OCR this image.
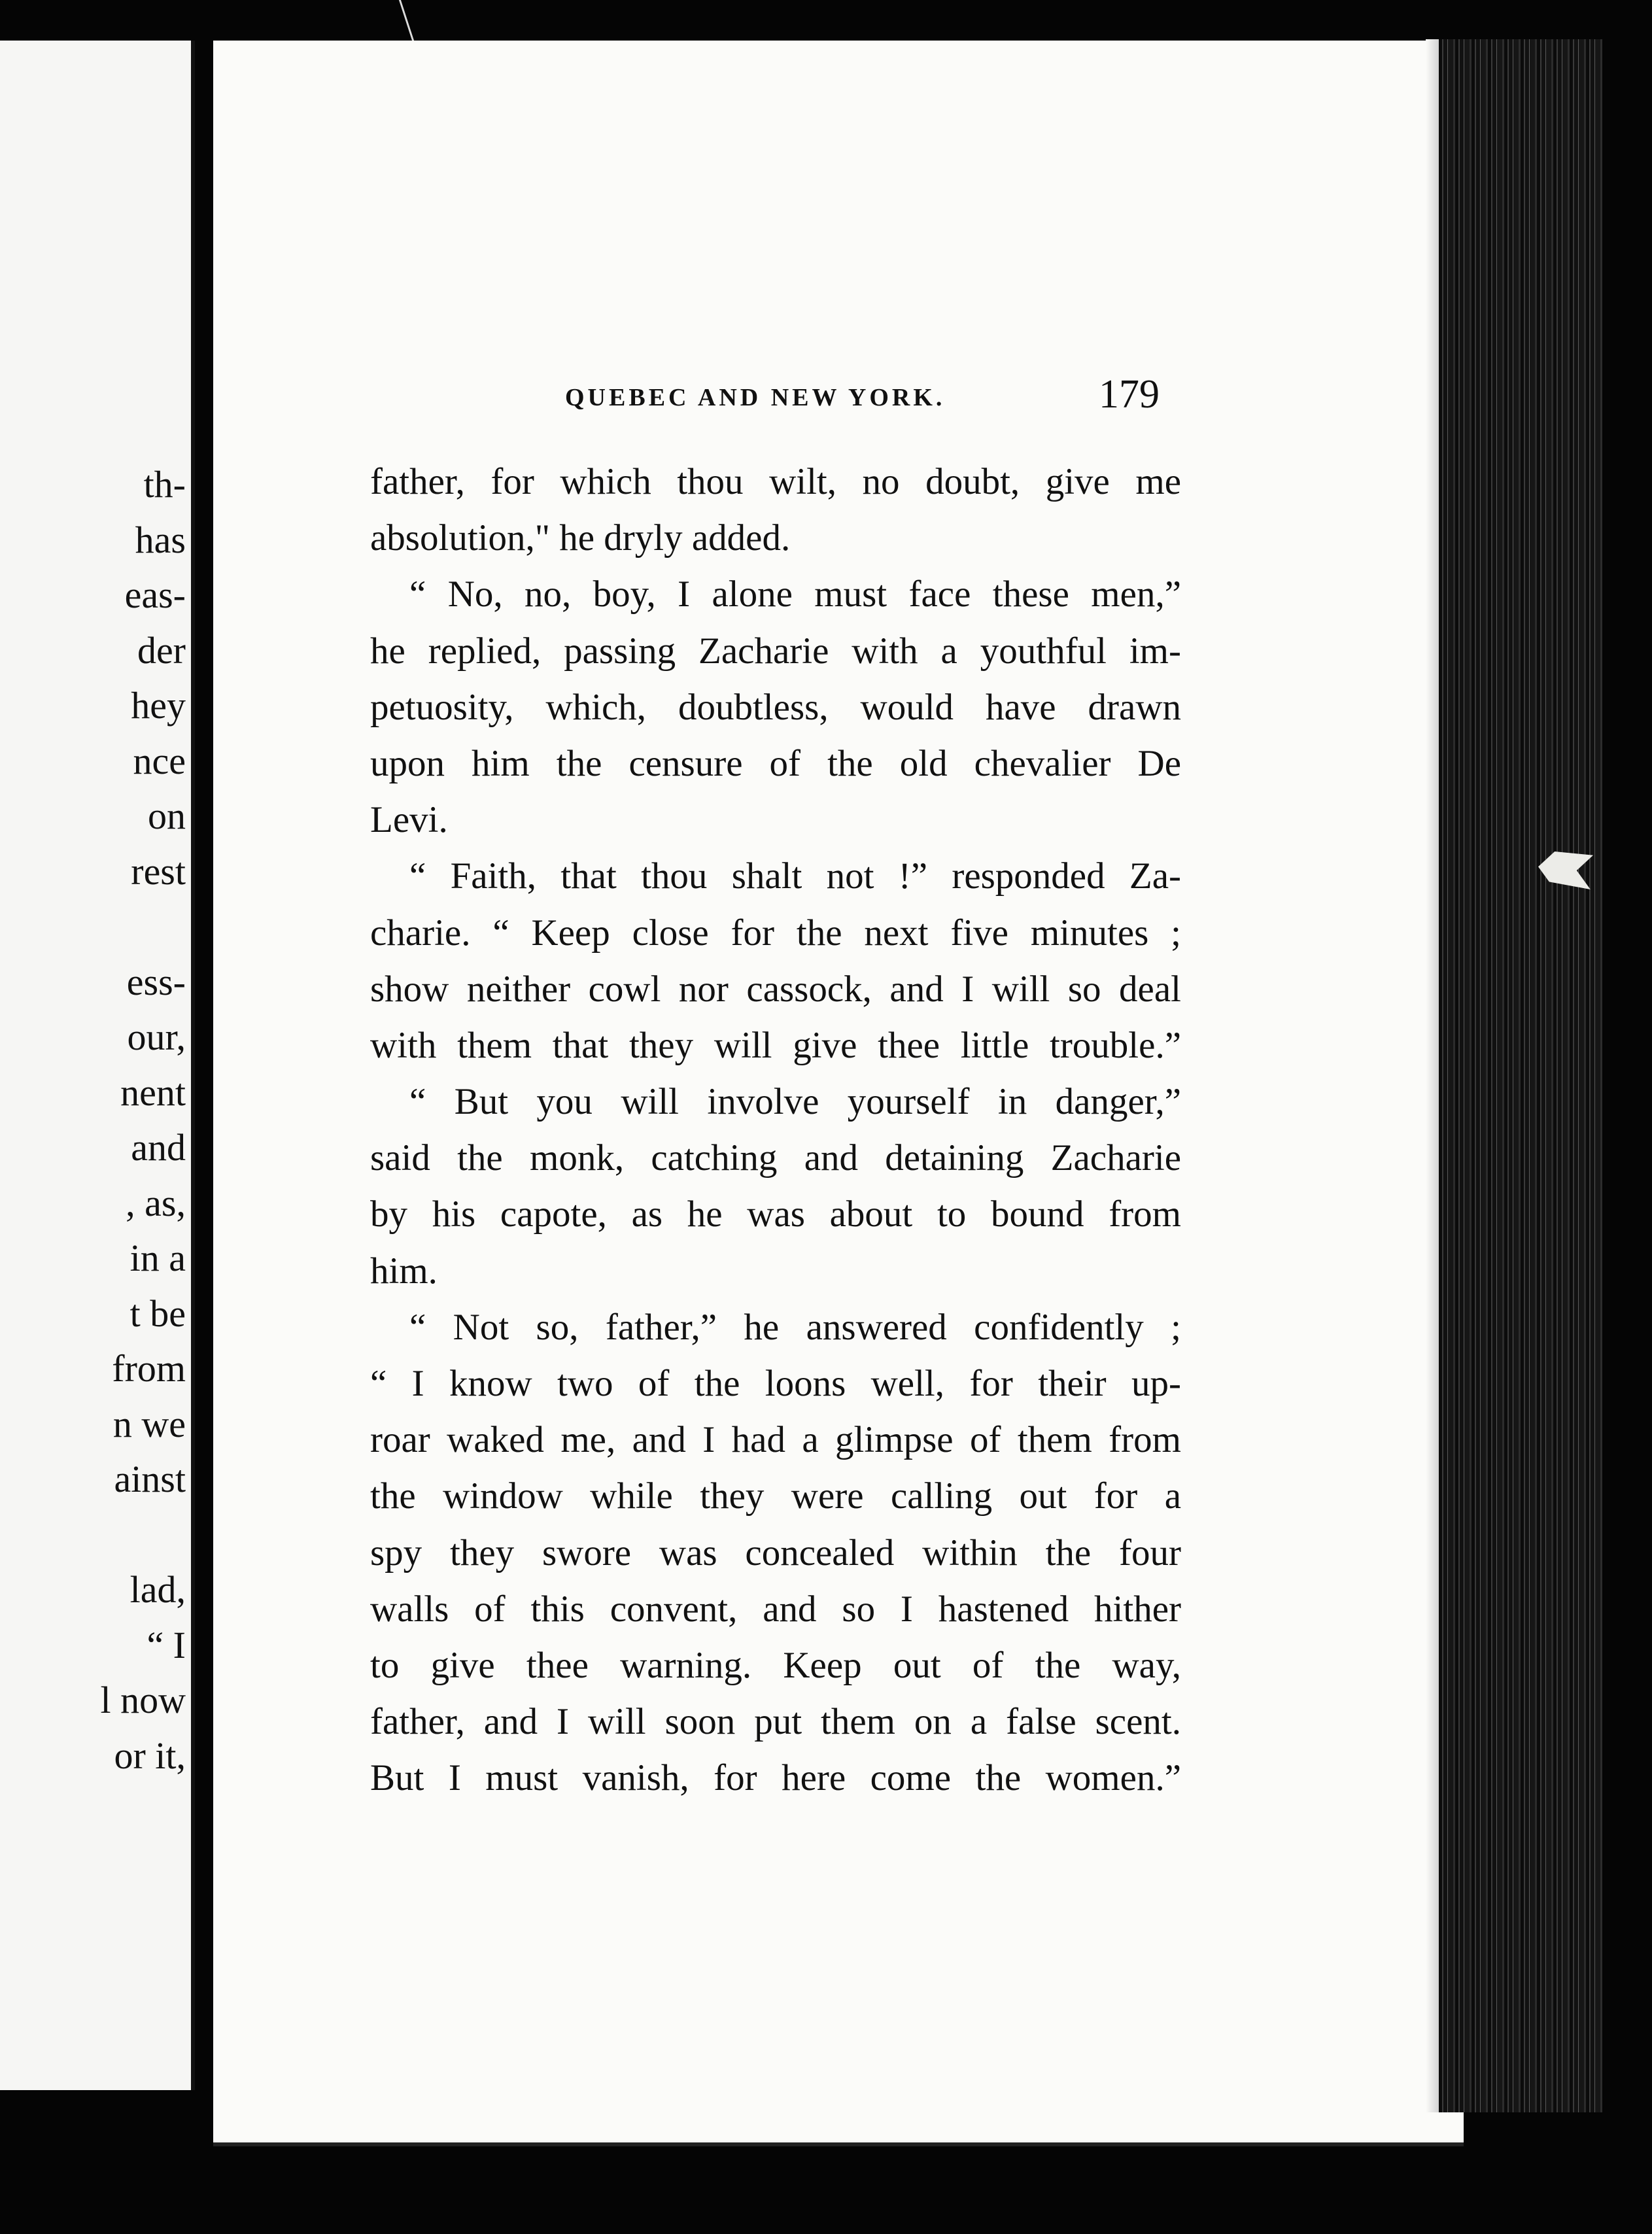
th-
has
eas-
der
hey
nce
on
rest
ess-
our,
nent
and
, as,
in a
t be
from
n we
ainst
lad,
“ I
l now
or it,
QUEBEC AND NEW YORK.	179
father, for which thou wilt, no doubt, give me
absolution," he dryly added.
“ No, no, boy, I alone must face these men,”
he replied, passing Zacharie with a youthful im-
petuosity, which, doubtless, would have drawn
upon him the censure of the old chevalier De
Levi.
“ Faith, that thou shalt not !” responded Za-
charie. “ Keep close for the next five minutes ;
show neither cowl nor cassock, and I will so deal
with them that they will give thee little trouble.”
“ But you will involve yourself in danger,”
said the monk, catching and detaining Zacharie
by his capote, as he was about to bound from
him.
“ Not so, father,” he answered confidently ;
“ I know two of the loons well, for their up-
roar waked me, and I had a glimpse of them from
the window while they were calling out for a
spy they swore was concealed within the four
walls of this convent, and so I hastened hither
to give thee warning. Keep out of the way,
father, and I will soon put them on a false scent.
But I must vanish, for here come the women.”
